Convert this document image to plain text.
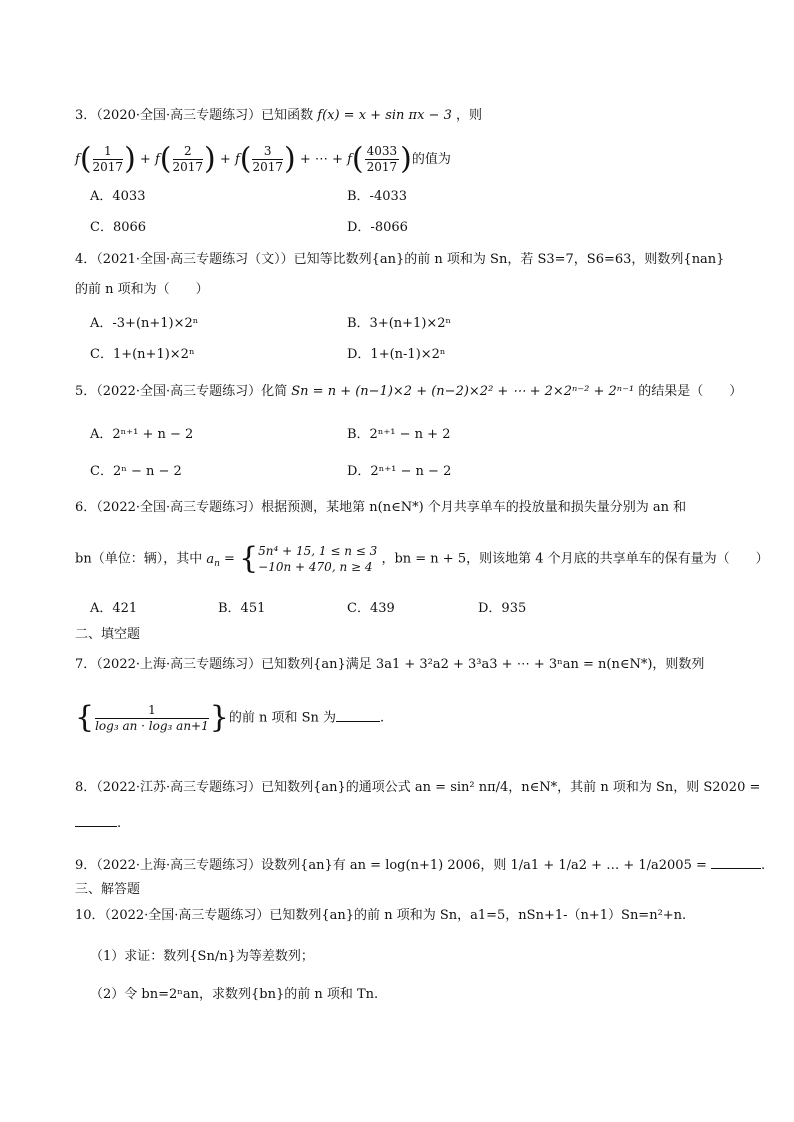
3．（2020·全国·高三专题练习）已知函数 f(x) = x + sin πx − 3 ，则
$f( \frac{1}{2017}$ ) + $f( \frac{2}{2017}$ ) + $f( \frac{3}{2017}$ ) + ⋯ + $f( \frac{4033}{2017}$ )的值为
A．4033	B．-4033
C．8066	D．-8066
4．（2021·全国·高三专题练习（文））已知等比数列{an}的前 n 项和为 Sn，若 S3=7，S6=63，则数列{nan}
的前 n 项和为（　　）
A．-3+(n+1)×2ⁿ	B．3+(n+1)×2ⁿ
C．1+(n+1)×2ⁿ	D．1+(n-1)×2ⁿ
5．（2022·全国·高三专题练习）化简 Sn = n + (n−1)×2 + (n−2)×2² + ⋯ + 2×2ⁿ⁻² + 2ⁿ⁻¹ 的结果是（　　）
A．2ⁿ⁺¹ + n − 2	B．2ⁿ⁺¹ − n + 2
C．2ⁿ − n − 2	D．2ⁿ⁺¹ − n − 2
6．（2022·全国·高三专题练习）根据预测，某地第 n(n∈N*) 个月共享单车的投放量和损失量分别为 an 和
bn（单位：辆），其中 $a_n$ = { 5n⁴ + 15, 1 ≤ n ≤ 3
−10n + 470, n ≥ 4
，bn = n + 5，则该地第 4 个月底的共享单车的保有量为（　　）
A．421	B．451	C．439	D．935
二、填空题
7．（2022·上海·高三专题练习）已知数列{an}满足 3a1 + 3²a2 + 3³a3 + ⋯ + 3ⁿan = n(n∈N*)，则数列
{ $\frac{1}{\text{log₃ an · log₃ an+1}}$ }的前 n 项和 Sn 为	.
8．（2022·江苏·高三专题练习）已知数列{an}的通项公式 an = sin² nπ/4，n∈N*，其前 n 项和为 Sn，则 S2020 =
.
9．（2022·上海·高三专题练习）设数列{an}有 an = log(n+1) 2006，则 1/a1 + 1/a2 + … + 1/a2005 =	.
三、解答题
10．（2022·全国·高三专题练习）已知数列{an}的前 n 项和为 Sn，a1=5，nSn+1-（n+1）Sn=n²+n.
（1）求证：数列{Sn/n}为等差数列；
（2）令 bn=2ⁿan，求数列{bn}的前 n 项和 Tn.
